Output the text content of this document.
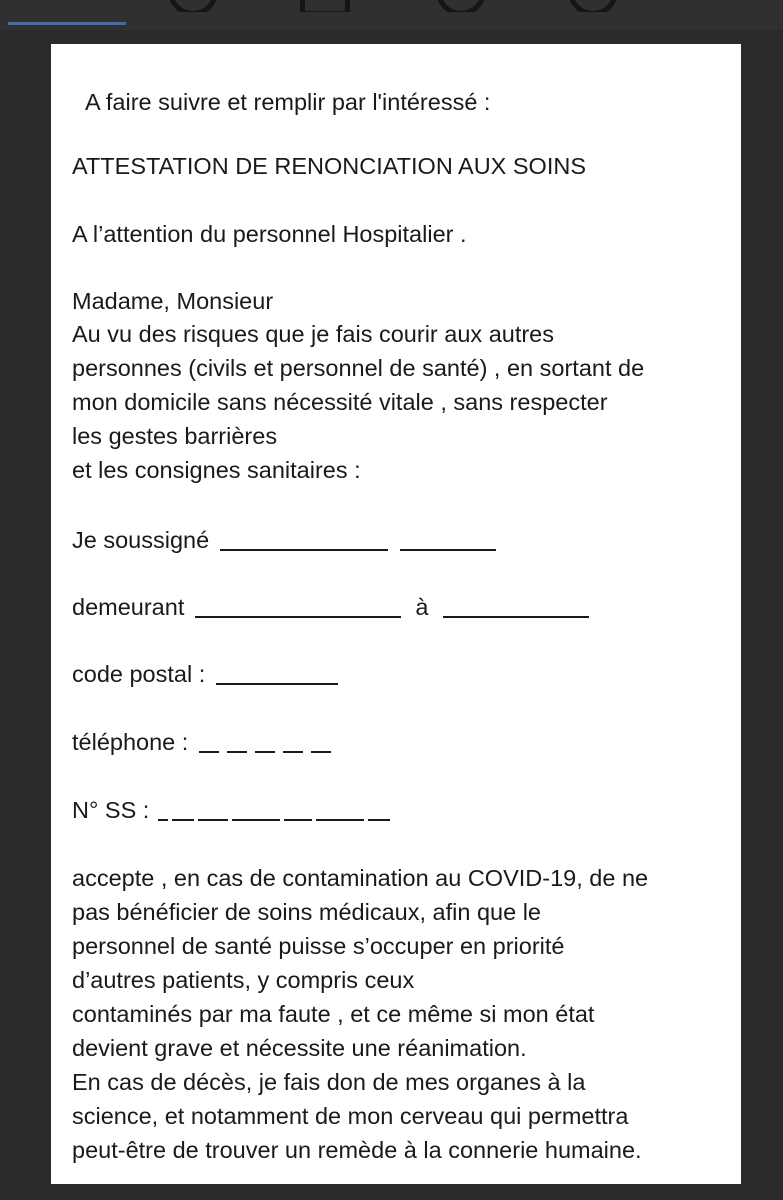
A faire suivre et remplir par l'intéressé :

ATTESTATION DE RENONCIATION AUX SOINS

A l’attention du personnel Hospitalier .

Madame, Monsieur

Au vu des risques que je fais courir aux autres

personnes (civils et personnel de santé) , en sortant de

mon domicile sans nécessité vitale , sans respecter

les gestes barrières

et les consignes sanitaires :

Je soussigné
demeurant	à
code postal :
téléphone :
N° SS :

accepte , en cas de contamination au COVID-19, de ne

pas bénéficier de soins médicaux, afin que le

personnel de santé puisse s’occuper en priorité

d’autres patients, y compris ceux

contaminés par ma faute , et ce même si mon état

devient grave et nécessite une réanimation.

En cas de décès, je fais don de mes organes à la

science, et notamment de mon cerveau qui permettra

peut-être de trouver un remède à la connerie humaine.
